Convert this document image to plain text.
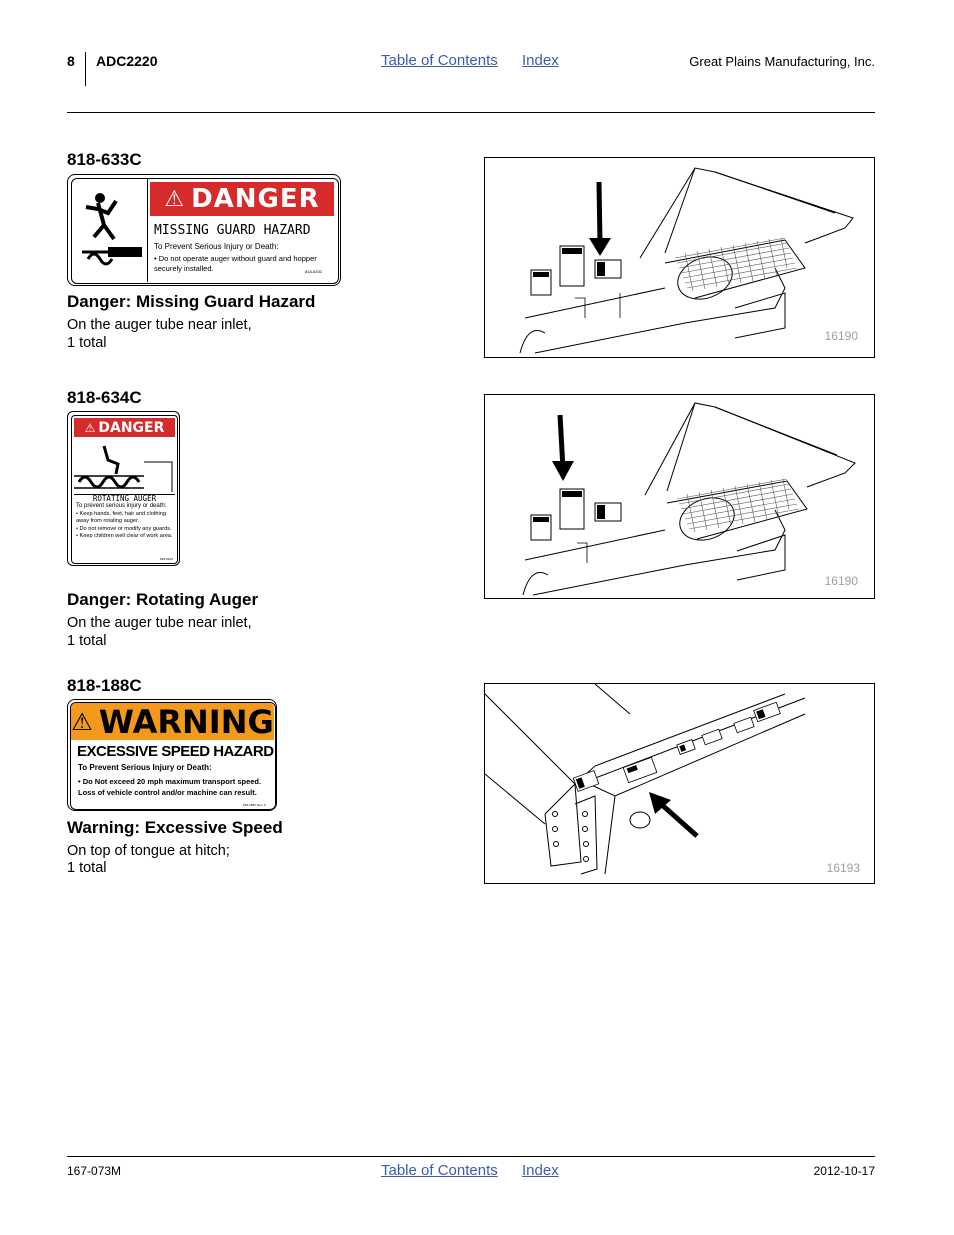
8 ADC2220	Table of Contents Index	Great Plains Manufacturing, Inc.
818-633C
⚠ DANGER
MISSING GUARD HAZARD
To Prevent Serious Injury or Death:
• Do not operate auger without guard and hopper securely installed.	818-633C
Danger: Missing Guard Hazard
On the auger tube near inlet,
1 total	16190
818-634C
⚠ DANGER
ROTATING AUGER
To prevent serious injury or death:
• Keep hands, feet, hair and clothing away from rotating auger.
• Do not remove or modify any guards.
• Keep children well clear of work area.
818-634C
Danger: Rotating Auger
On the auger tube near inlet,
1 total
16190
818-188C
⚠ WARNING
EXCESSIVE SPEED HAZARD
To Prevent Serious Injury or Death:
• Do Not exceed 20 mph maximum transport speed. Loss of vehicle control and/or machine can result.
818-188C Rev. C
Warning: Excessive Speed
On top of tongue at hitch;
1 total	16193
167-073M	Table of Contents Index	2012-10-17
